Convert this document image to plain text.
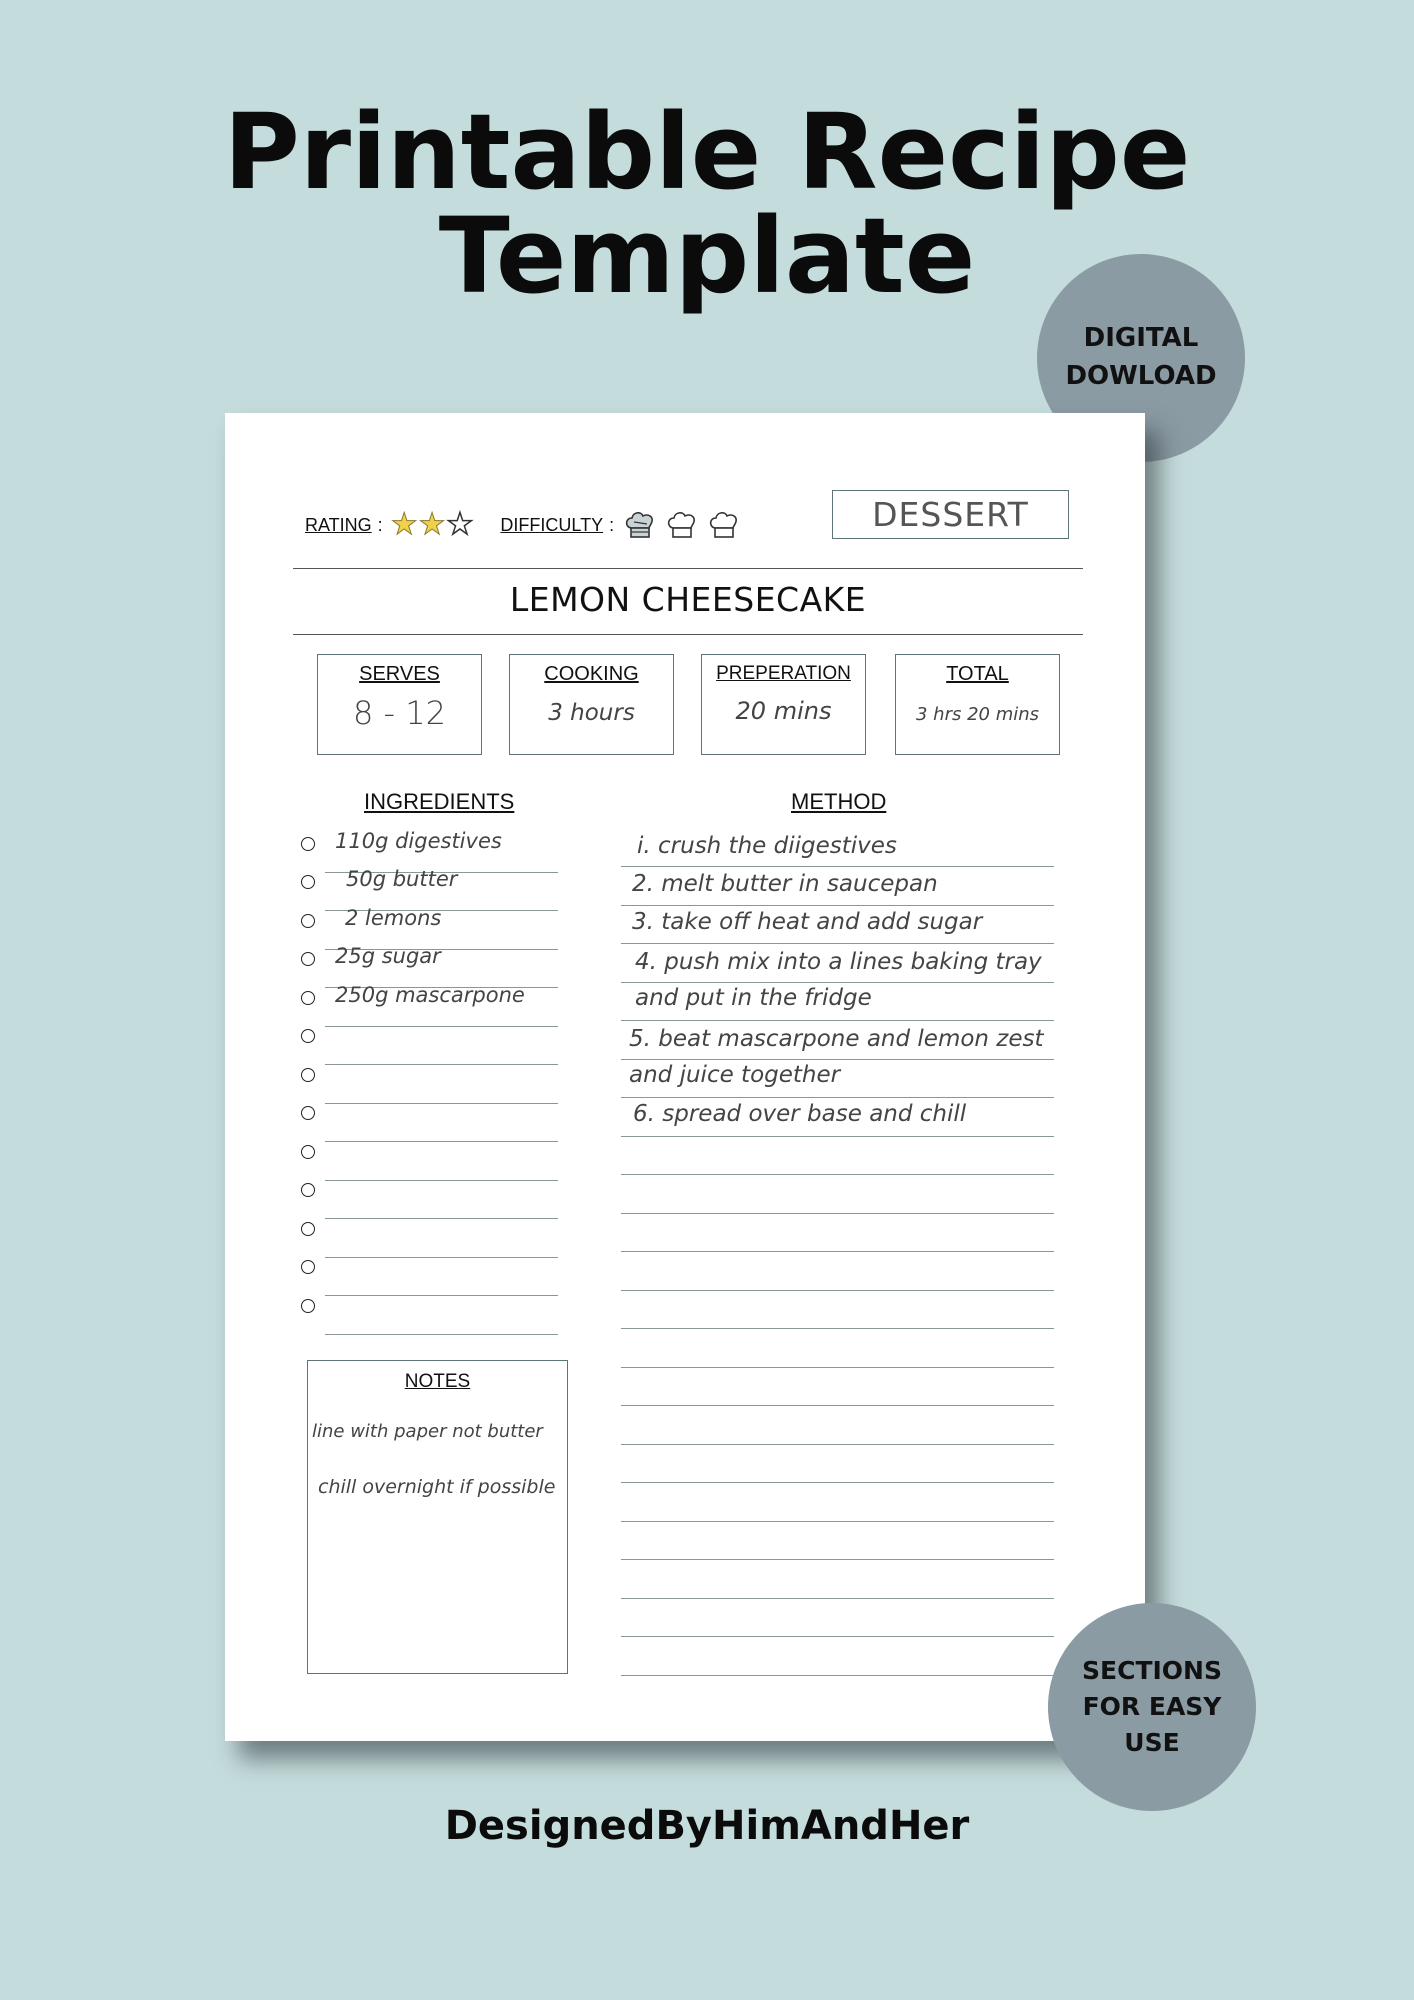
Printable Recipe Template
DIGITAL
DOWLOAD
RATING : ★ ★ ★ DIFFICULTY :	DESSERT
LEMON CHEESECAKE
SERVES
8 - 12
COOKING
3 hours
PREPERATION
20 mins
TOTAL
3 hrs 20 mins
INGREDIENTS	METHOD
110g digestives
50g butter
2 lemons
25g sugar
250g mascarpone
i. crush the diigestives
2. melt butter in saucepan
3. take off heat and add sugar
4. push mix into a lines baking tray
and put in the fridge
5. beat mascarpone and lemon zest
and juice together
6. spread over base and chill
NOTES
line with paper not butter
chill overnight if possible
SECTIONS
FOR EASY
USE
DesignedByHimAndHer
